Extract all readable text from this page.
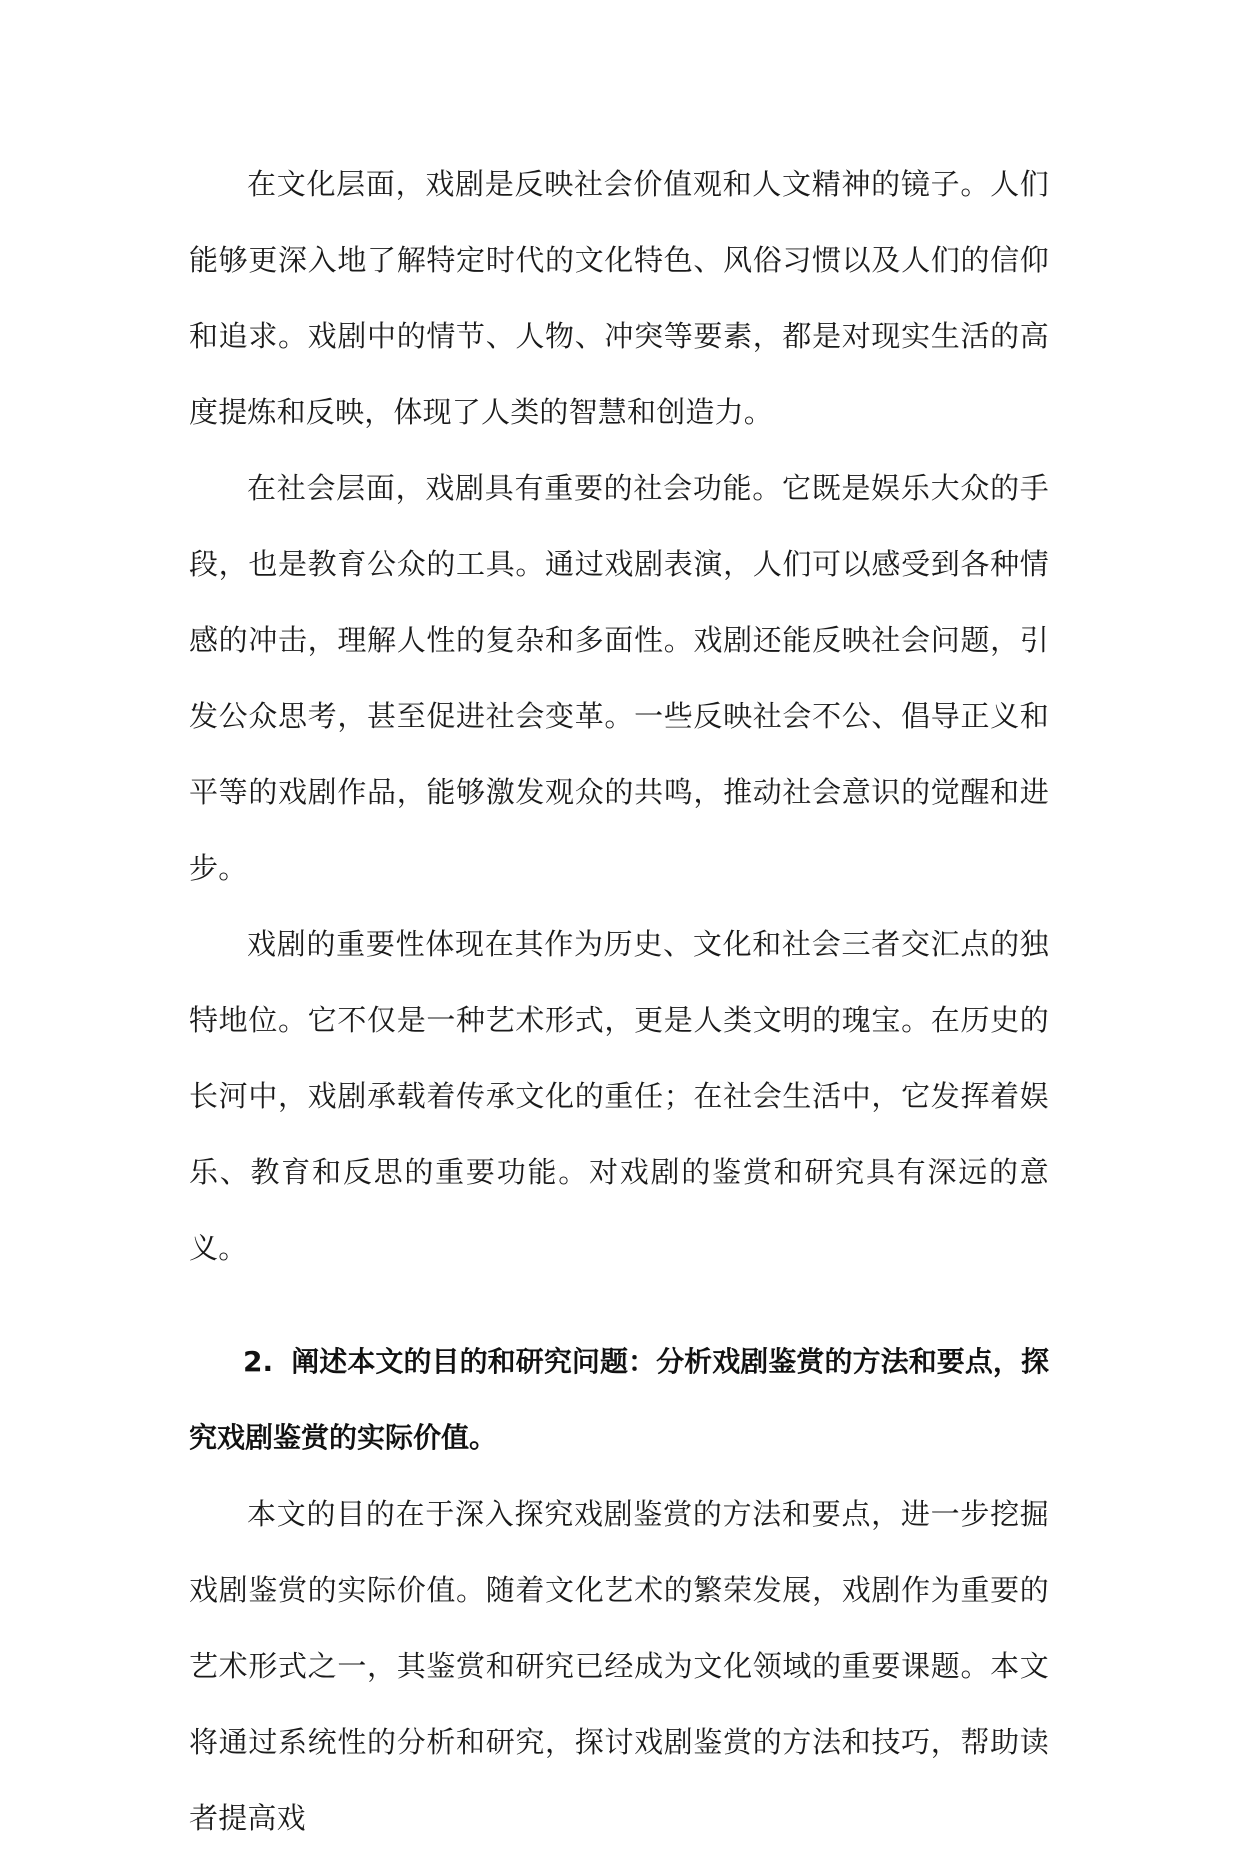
在文化层面，戏剧是反映社会价值观和人文精神的镜子。人们能够更深入地了解特定时代的文化特色、风俗习惯以及人们的信仰和追求。戏剧中的情节、人物、冲突等要素，都是对现实生活的高度提炼和反映，体现了人类的智慧和创造力。

在社会层面，戏剧具有重要的社会功能。它既是娱乐大众的手段，也是教育公众的工具。通过戏剧表演，人们可以感受到各种情感的冲击，理解人性的复杂和多面性。戏剧还能反映社会问题，引发公众思考，甚至促进社会变革。一些反映社会不公、倡导正义和平等的戏剧作品，能够激发观众的共鸣，推动社会意识的觉醒和进步。

戏剧的重要性体现在其作为历史、文化和社会三者交汇点的独特地位。它不仅是一种艺术形式，更是人类文明的瑰宝。在历史的长河中，戏剧承载着传承文化的重任；在社会生活中，它发挥着娱乐、教育和反思的重要功能。对戏剧的鉴赏和研究具有深远的意义。

2. 阐述本文的目的和研究问题：分析戏剧鉴赏的方法和要点，探究戏剧鉴赏的实际价值。

本文的目的在于深入探究戏剧鉴赏的方法和要点，进一步挖掘戏剧鉴赏的实际价值。随着文化艺术的繁荣发展，戏剧作为重要的艺术形式之一，其鉴赏和研究已经成为文化领域的重要课题。本文将通过系统性的分析和研究，探讨戏剧鉴赏的方法和技巧，帮助读者提高戏
